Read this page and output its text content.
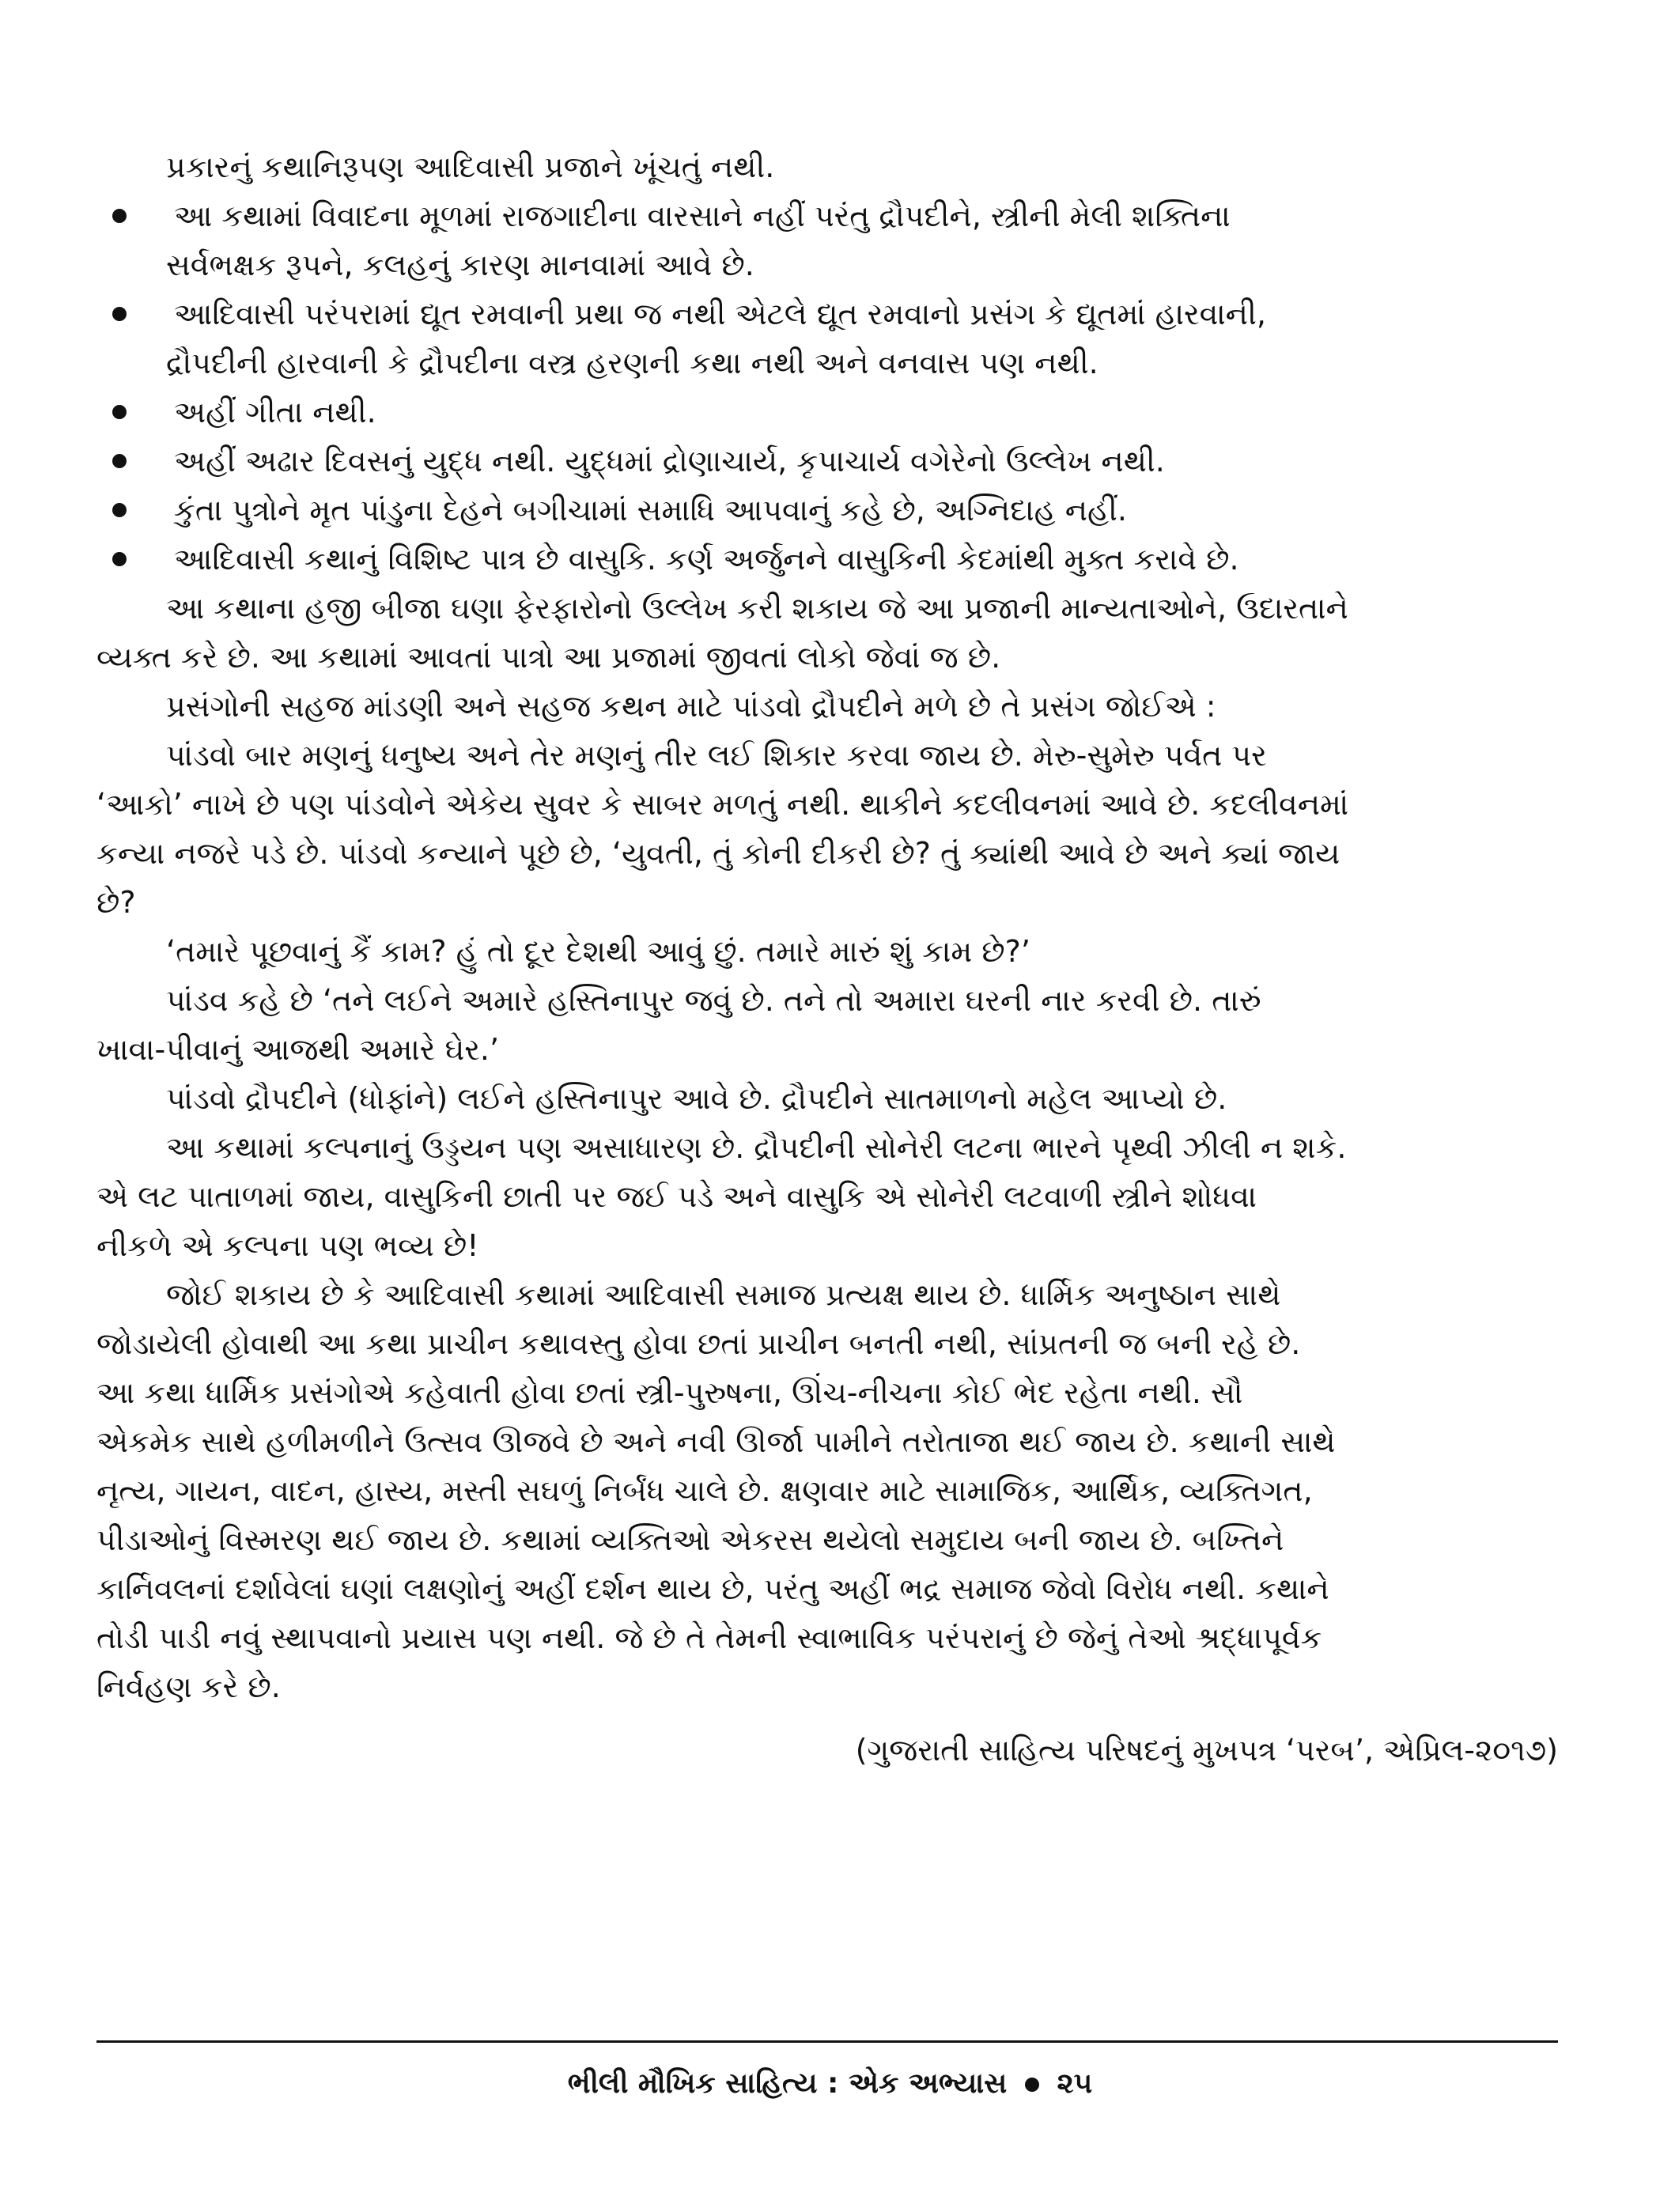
પ્રકારનું કથાનિરૂપણ આદિવાસી પ્રજાને ખૂંચતું નથી.
આ કથામાં વિવાદના મૂળમાં રાજગાદીના વારસાને નહીં પરંતુ દ્રૌપદીને, સ્ત્રીની મેલી શક્તિના
સર્વભક્ષક રૂપને, કલહનું કારણ માનવામાં આવે છે.
આદિવાસી પરંપરામાં દ્યૂત રમવાની પ્રથા જ નથી એટલે દ્યૂત રમવાનો પ્રસંગ કે દ્યૂતમાં હારવાની,
દ્રૌપદીની હારવાની કે દ્રૌપદીના વસ્ત્ર હરણની કથા નથી અને વનવાસ પણ નથી.
અહીં ગીતા નથી.
અહીં અઢાર દિવસનું યુદ્ધ નથી. યુદ્ધમાં દ્રોણાચાર્ય, કૃપાચાર્ય વગેરેનો ઉલ્લેખ નથી.
કુંતા પુત્રોને મૃત પાંડુના દેહને બગીચામાં સમાધિ આપવાનું કહે છે, અગ્નિદાહ નહીં.
આદિવાસી કથાનું વિશિષ્ટ પાત્ર છે વાસુકિ. કર્ણ અર્જુનને વાસુકિની કેદમાંથી મુક્ત કરાવે છે.
આ કથાના હજી બીજા ઘણા ફેરફારોનો ઉલ્લેખ કરી શકાય જે આ પ્રજાની માન્યતાઓને, ઉદારતાને
વ્યક્ત કરે છે. આ કથામાં આવતાં પાત્રો આ પ્રજામાં જીવતાં લોકો જેવાં જ છે.
પ્રસંગોની સહજ માંડણી અને સહજ કથન માટે પાંડવો દ્રૌપદીને મળે છે તે પ્રસંગ જોઈએ :
પાંડવો બાર મણનું ધનુષ્ય અને તેર મણનું તીર લઈ શિકાર કરવા જાય છે. મેરુ-સુમેરુ પર્વત પર
‘આકો’ નાખે છે પણ પાંડવોને એકેય સુવર કે સાબર મળતું નથી. થાકીને કદલીવનમાં આવે છે. કદલીવનમાં
કન્યા નજરે પડે છે. પાંડવો કન્યાને પૂછે છે, ‘યુવતી, તું કોની દીકરી છે? તું ક્યાંથી આવે છે અને ક્યાં જાય
છે?
‘તમારે પૂછવાનું કૈં કામ? હું તો દૂર દેશથી આવું છું. તમારે મારું શું કામ છે?’
પાંડવ કહે છે ‘તને લઈને અમારે હસ્તિનાપુર જવું છે. તને તો અમારા ઘરની નાર કરવી છે. તારું
ખાવા-પીવાનું આજથી અમારે ઘેર.’
પાંડવો દ્રૌપદીને (ધોફાંને) લઈને હસ્તિનાપુર આવે છે. દ્રૌપદીને સાતમાળનો મહેલ આપ્યો છે.
આ કથામાં કલ્પનાનું ઉડ્ડયન પણ અસાધારણ છે. દ્રૌપદીની સોનેરી લટના ભારને પૃથ્વી ઝીલી ન શકે.
એ લટ પાતાળમાં જાય, વાસુકિની છાતી પર જઈ પડે અને વાસુકિ એ સોનેરી લટવાળી સ્ત્રીને શોધવા
નીકળે એ કલ્પના પણ ભવ્ય છે!
જોઈ શકાય છે કે આદિવાસી કથામાં આદિવાસી સમાજ પ્રત્યક્ષ થાય છે. ધાર્મિક અનુષ્ઠાન સાથે
જોડાયેલી હોવાથી આ કથા પ્રાચીન કથાવસ્તુ હોવા છતાં પ્રાચીન બનતી નથી, સાંપ્રતની જ બની રહે છે.
આ કથા ધાર્મિક પ્રસંગોએ કહેવાતી હોવા છતાં સ્ત્રી-પુરુષના, ઊંચ-નીચના કોઈ ભેદ રહેતા નથી. સૌ
એકમેક સાથે હળીમળીને ઉત્સવ ઊજવે છે અને નવી ઊર્જા પામીને તરોતાજા થઈ જાય છે. કથાની સાથે
નૃત્ય, ગાયન, વાદન, હાસ્ય, મસ્તી સઘળું નિર્બંધ ચાલે છે. ક્ષણવાર માટે સામાજિક, આર્થિક, વ્યક્તિગત,
પીડાઓનું વિસ્મરણ થઈ જાય છે. કથામાં વ્યક્તિઓ એકરસ થયેલો સમુદાય બની જાય છે. બખ્તિને
કાર્નિવલનાં દર્શાવેલાં ઘણાં લક્ષણોનું અહીં દર્શન થાય છે, પરંતુ અહીં ભદ્ર સમાજ જેવો વિરોધ નથી. કથાને
તોડી પાડી નવું સ્થાપવાનો પ્રયાસ પણ નથી. જે છે તે તેમની સ્વાભાવિક પરંપરાનું છે જેનું તેઓ શ્રદ્ધાપૂર્વક
નિર્વહણ કરે છે.
(ગુજરાતી સાહિત્ય પરિષદનું મુખપત્ર ‘પરબ’, એપ્રિલ-૨૦૧૭)
ભીલી મૌખિક સાહિત્ય : એક અભ્યાસ ૨૫
